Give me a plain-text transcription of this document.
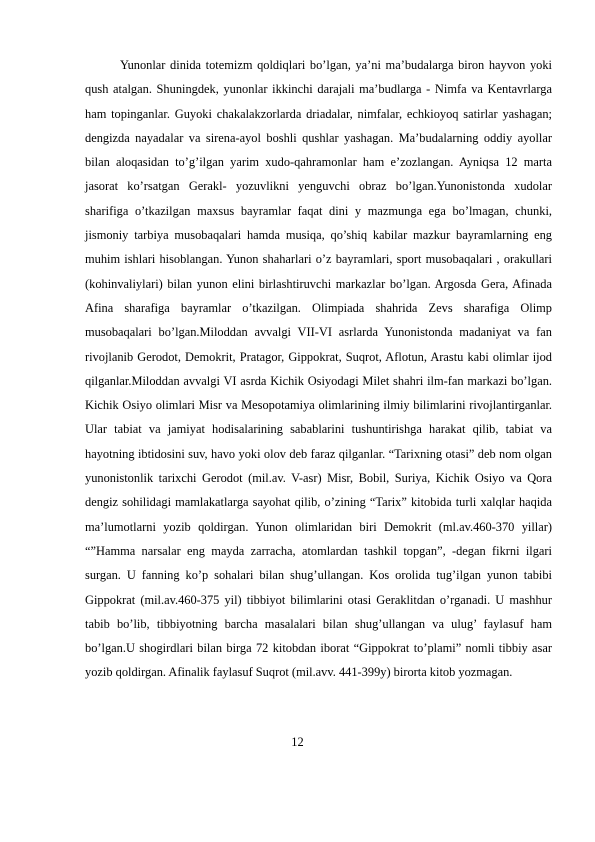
Yunonlar dinida totemizm qoldiqlari bo’lgan, ya’ni ma’budalarga biron hayvon yoki qush atalgan. Shuningdek, yunonlar ikkinchi darajali ma’budlarga - Nimfa va Kentavrlarga ham topinganlar. Guyoki chakalakzorlarda driadalar, nimfalar, echkioyoq satirlar yashagan; dengizda nayadalar va sirena-ayol boshli qushlar yashagan. Ma’budalarning oddiy ayollar bilan aloqasidan to’g’ilgan yarim xudo-qahramonlar ham e’zozlangan. Ayniqsa 12 marta jasorat ko’rsatgan Gerakl- yozuvlikni yenguvchi obraz bo’lgan.Yunonistonda xudolar sharifiga o’tkazilgan maxsus bayramlar faqat dini y mazmunga ega bo’lmagan, chunki, jismoniy tarbiya musobaqalari hamda musiqa, qo’shiq kabilar mazkur bayramlarning eng muhim ishlari hisoblangan. Yunon shaharlari o’z bayramlari, sport musobaqalari , orakullari (kohinvaliylari) bilan yunon elini birlashtiruvchi markazlar bo’lgan. Argosda Gera, Afinada Afina sharafiga bayramlar o’tkazilgan. Olimpiada shahrida Zevs sharafiga Olimp musobaqalari bo’lgan.Miloddan avvalgi VII-VI asrlarda Yunonistonda madaniyat va fan rivojlanib Gerodot, Demokrit, Pratagor, Gippokrat, Suqrot, Aflotun, Arastu kabi olimlar ijod qilganlar.Miloddan avvalgi VI asrda Kichik Osiyodagi Milet shahri ilm-fan markazi bo’lgan. Kichik Osiyo olimlari Misr va Mesopotamiya olimlarining ilmiy bilimlarini rivojlantirganlar. Ular tabiat va jamiyat hodisalarining sabablarini tushuntirishga harakat qilib, tabiat va hayotning ibtidosini suv, havo yoki olov deb faraz qilganlar. “Tarixning otasi” deb nom olgan yunonistonlik tarixchi Gerodot (mil.av. V-asr) Misr, Bobil, Suriya, Kichik Osiyo va Qora dengiz sohilidagi mamlakatlarga sayohat qilib, o’zining “Tarix” kitobida turli xalqlar haqida ma’lumotlarni yozib qoldirgan. Yunon olimlaridan biri Demokrit (ml.av.460-370 yillar) “”Hamma narsalar eng mayda zarracha, atomlardan tashkil topgan”, -degan fikrni ilgari surgan. U fanning ko’p sohalari bilan shug’ullangan. Kos orolida tug’ilgan yunon tabibi Gippokrat (mil.av.460-375 yil) tibbiyot bilimlarini otasi Geraklitdan o’rganadi. U mashhur tabib bo’lib, tibbiyotning barcha masalalari bilan shug’ullangan va ulug’ faylasuf ham bo’lgan.U shogirdlari bilan birga 72 kitobdan iborat “Gippokrat to’plami” nomli tibbiy asar yozib qoldirgan. Afinalik faylasuf Suqrot (mil.avv. 441-399y) birorta kitob yozmagan.

12
